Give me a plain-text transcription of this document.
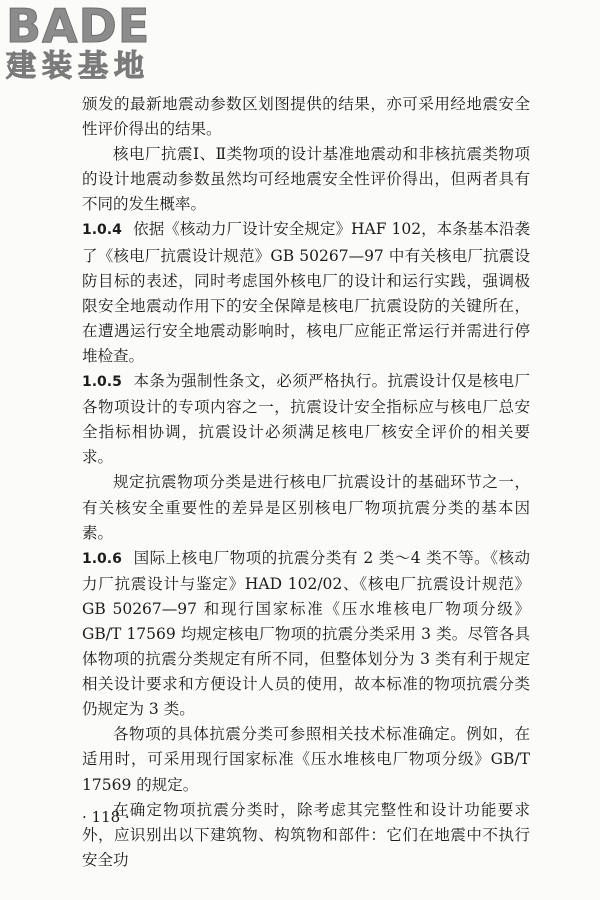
BADE
建装基地

颁发的最新地震动参数区划图提供的结果，亦可采用经地震安全性评价得出的结果。

核电厂抗震Ⅰ、Ⅱ类物项的设计基准地震动和非核抗震类物项的设计地震动参数虽然均可经地震安全性评价得出，但两者具有不同的发生概率。

1.0.4 依据《核动力厂设计安全规定》HAF 102，本条基本沿袭了《核电厂抗震设计规范》GB 50267—97 中有关核电厂抗震设防目标的表述，同时考虑国外核电厂的设计和运行实践，强调极限安全地震动作用下的安全保障是核电厂抗震设防的关键所在，在遭遇运行安全地震动影响时，核电厂应能正常运行并需进行停堆检查。

1.0.5 本条为强制性条文，必须严格执行。抗震设计仅是核电厂各物项设计的专项内容之一，抗震设计安全指标应与核电厂总安全指标相协调，抗震设计必须满足核电厂核安全评价的相关要求。

规定抗震物项分类是进行核电厂抗震设计的基础环节之一，有关核安全重要性的差异是区别核电厂物项抗震分类的基本因素。

1.0.6 国际上核电厂物项的抗震分类有 2 类～4 类不等。《核动力厂抗震设计与鉴定》HAD 102/02、《核电厂抗震设计规范》GB 50267—97 和现行国家标准《压水堆核电厂物项分级》GB/T 17569 均规定核电厂物项的抗震分类采用 3 类。尽管各具体物项的抗震分类规定有所不同，但整体划分为 3 类有利于规定相关设计要求和方便设计人员的使用，故本标准的物项抗震分类仍规定为 3 类。

各物项的具体抗震分类可参照相关技术标准确定。例如，在适用时，可采用现行国家标准《压水堆核电厂物项分级》GB/T 17569 的规定。

在确定物项抗震分类时，除考虑其完整性和设计功能要求外，应识别出以下建筑物、构筑物和部件：它们在地震中不执行安全功

· 118 ·
